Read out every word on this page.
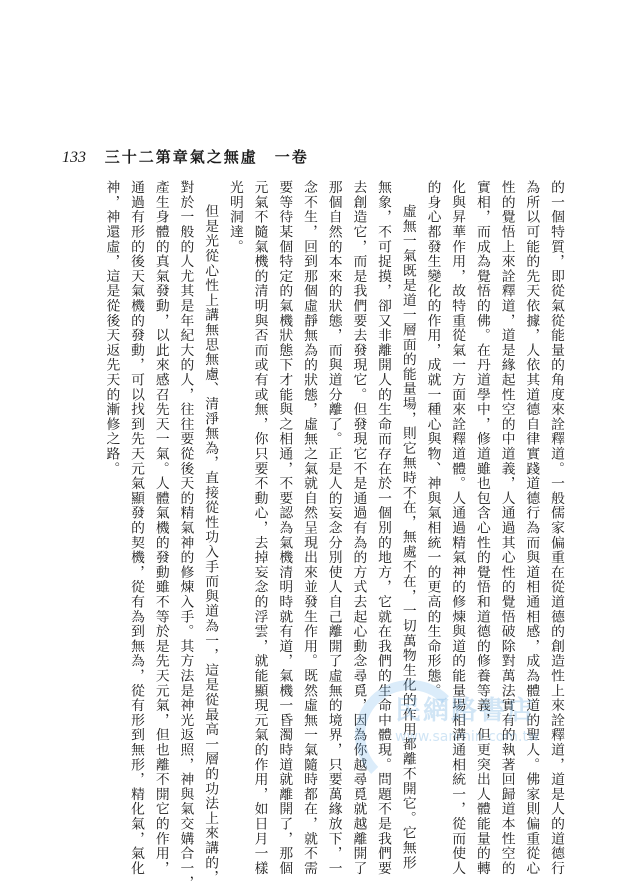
133 三十二第章氣之無虛　一卷

的一個特質，即從氣從能量的角度來詮釋道。一般儒家偏重在從道德的創造性上來詮釋道，道是人的道德行

為所以可能的先天依據，人依其道德自律實踐道德行為而與道相通相感，成為體道的聖人。佛家則偏重從心

性的覺悟上來詮釋道，道是緣起性空的中道義，人通過其心性的覺悟破除對萬法實有的執著回歸道本性空的

實相，而成為覺悟的佛。在丹道學中，修道雖也包含心性的覺悟和道德的修養等義，但更突出人體能量的轉

化與昇華作用，故特重從氣一方面來詮釋道體。人通過精氣神的修煉與道的能量場相溝通相統一，從而使人

的身心都發生變化的作用，成就一種心與物、神與氣相統一的更高的生命形態。

虛無一氣既是道一層面的能量場，則它無時不在，無處不在，一切萬物生化的作用都離不開它。它無形

無象，不可捉摸，卻又非離開人的生命而存在於一個別的地方，它就在我們的生命中體現。問題不是我們要

去創造它，而是我們要去發現它。但發現它不是通過有為的方式去起心動念尋覓，因為你越尋覓就越離開了

那個自然的本來的狀態，而與道分離了。正是人的妄念分別使人自己離開了虛無的境界，只要萬緣放下，一

念不生，回到那個虛靜無為的狀態，虛無之氣就自然呈現出來並發生作用。既然虛無一氣隨時都在，就不需

要等待某個特定的氣機狀態下才能與之相通，不要認為氣機清明時就有道，氣機一昏濁時道就離開了，那個

元氣不隨氣機的清明與否而或有或無，你只要不動心，去掉妄念的浮雲，就能顯現元氣的作用，如日月一樣

光明洞達。

但是光從心性上講無思無慮、清淨無為，直接從性功入手而與道為一，這是從最高一層的功法上來講的，

對於一般的人尤其是年紀大的人，往往要從後天的精氣神的修煉入手。其方法是神光返照，神與氣交媾合一，

產生身體的真氣發動，以此來感召先天一氣。人體氣機的發動雖不等於是先天元氣，但也離不開它的作用，

通過有形的後天氣機的發動，可以找到先天元氣顯發的契機，從有為到無為，從有形到無形，精化氣，氣化

神，神還虛，這是從後天返先天的漸修之路。

民網路書店
www.sanmin.com.tw
